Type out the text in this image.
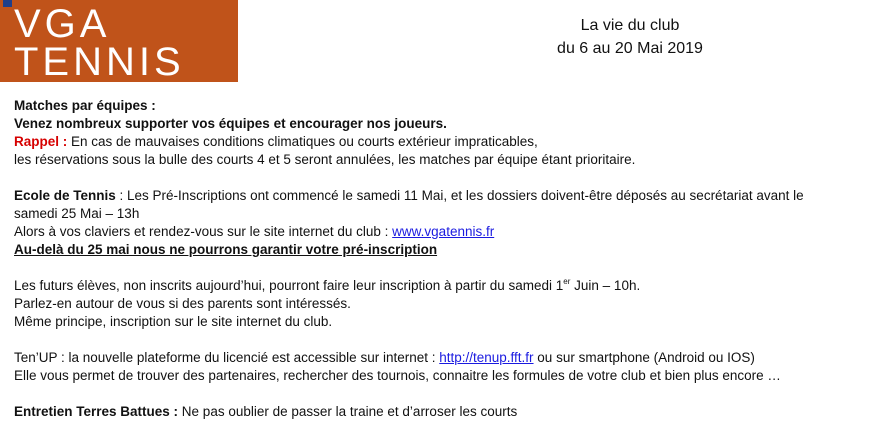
VGA
TENNIS
La vie du club
du 6 au 20 Mai 2019
Matches par équipes :
Venez nombreux supporter vos équipes et encourager nos joueurs.
Rappel : En cas de mauvaises conditions climatiques ou courts extérieur impraticables,
les réservations sous la bulle des courts 4 et 5 seront annulées, les matches par équipe étant prioritaire.
Ecole de Tennis : Les Pré-Inscriptions ont commencé le samedi 11 Mai, et les dossiers doivent-être déposés au secrétariat avant le
samedi 25 Mai – 13h
Alors à vos claviers et rendez-vous sur le site internet du club : www.vgatennis.fr
Au-delà du 25 mai nous ne pourrons garantir votre pré-inscription
Les futurs élèves, non inscrits aujourd’hui, pourront faire leur inscription à partir du samedi 1er Juin – 10h.
Parlez-en autour de vous si des parents sont intéressés.
Même principe, inscription sur le site internet du club.
Ten’UP : la nouvelle plateforme du licencié est accessible sur internet : http://tenup.fft.fr ou sur smartphone (Android ou IOS)
Elle vous permet de trouver des partenaires, rechercher des tournois, connaitre les formules de votre club et bien plus encore …
Entretien Terres Battues : Ne pas oublier de passer la traine et d’arroser les courts
